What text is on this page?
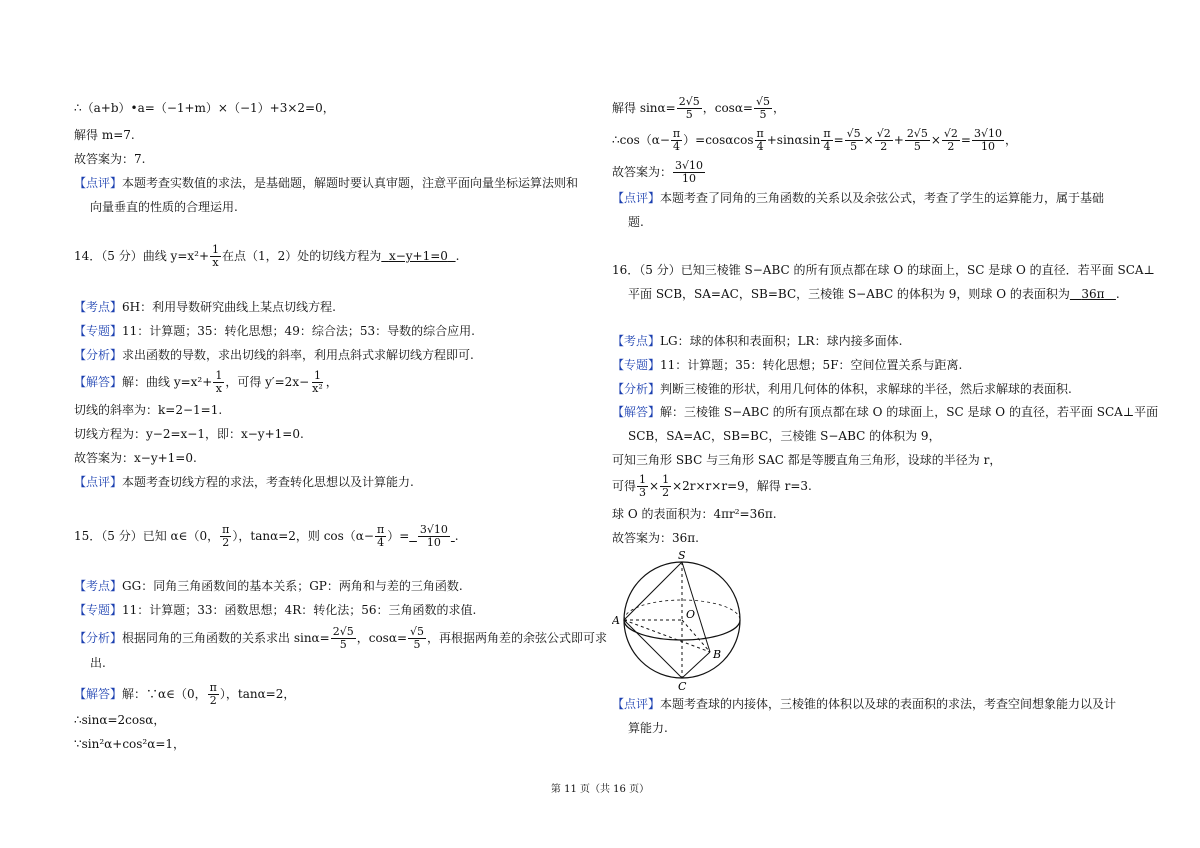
∴（a+b）•a=（−1+m）×（−1）+3×2=0，
解得 m=7.
故答案为：7.
【点评】本题考查实数值的求法，是基础题，解题时要认真审题，注意平面向量坐标运算法则和
向量垂直的性质的合理运用.
14．（5 分）曲线 $y=x^2+ \frac{1}{x}$ 在点（1，2）处的切线方程为 x−y+1=0 .
【考点】6H：利用导数研究曲线上某点切线方程.
【专题】11：计算题；35：转化思想；49：综合法；53：导数的综合应用.
【分析】求出函数的导数，求出切线的斜率，利用点斜式求解切线方程即可.
【解答】解：曲线 $y=x^2+ \frac{1}{x}$ ，可得 $y'=2x- \frac{1}{\text{x²}}$ ，
切线的斜率为：k=2−1=1.
切线方程为：y−2=x−1，即：x−y+1=0.
故答案为：x−y+1=0.
【点评】本题考查切线方程的求法，考查转化思想以及计算能力.
15．（5 分）已知 α∈（0， $\frac{\pi}{2}$ ），tanα=2，则 $\cos(\alpha- \frac{\pi}{4}$ ）= $\frac{3√10}{10}$ .
【考点】GG：同角三角函数间的基本关系；GP：两角和与差的三角函数.
【专题】11：计算题；33：函数思想；4R：转化法；56：三角函数的求值.
【分析】根据同角的三角函数的关系求出 $\sin\alpha= \frac{2√5}{5}$ ，$\cos\alpha= \frac{√5}{5}$ ，再根据两角差的余弦公式即可求
出.
【解答】解：∵α∈（0， $\frac{\pi}{2}$ ），tanα=2，
∴sinα=2cosα，
∵sin²α+cos²α=1，
解得 $\sin\alpha= \frac{2√5}{5}$ ，$\cos\alpha= \frac{√5}{5}$ ，
∴cos（α− $\frac{\pi}{4} )=\cos\alpha\cos \frac{\pi}{4} +\sin\alpha\sin \frac{\pi}{4} = \frac{√5}{5} \times \frac{√2}{2} + \frac{2√5}{5} \times \frac{√2}{2} = \frac{3√10}{10}$ ，
故答案为： $\frac{3√10}{10}$
【点评】本题考查了同角的三角函数的关系以及余弦公式，考查了学生的运算能力，属于基础
题.
16．（5 分）已知三棱锥 S−ABC 的所有顶点都在球 O 的球面上，SC 是球 O 的直径．若平面 SCA⊥
平面 SCB，SA=AC，SB=BC，三棱锥 S−ABC 的体积为 9，则球 O 的表面积为 36π .
【考点】LG：球的体积和表面积；LR：球内接多面体.
【专题】11：计算题；35：转化思想；5F：空间位置关系与距离.
【分析】判断三棱锥的形状，利用几何体的体积，求解球的半径，然后求解球的表面积.
【解答】解：三棱锥 S−ABC 的所有顶点都在球 O 的球面上，SC 是球 O 的直径，若平面 SCA⊥平面
SCB，SA=AC，SB=BC，三棱锥 S−ABC 的体积为 9，
可知三角形 SBC 与三角形 SAC 都是等腰直角三角形，设球的半径为 r，
可得 $\frac{1}{3} \times \frac{1}{2} \times 2r\times r\times r=9$，解得 r=3.
球 O 的表面积为：4πr²=36π.
故答案为：36π.
S
A	O
B
C
【点评】本题考查球的内接体，三棱锥的体积以及球的表面积的求法，考查空间想象能力以及计
算能力.
第 11 页（共 16 页）
